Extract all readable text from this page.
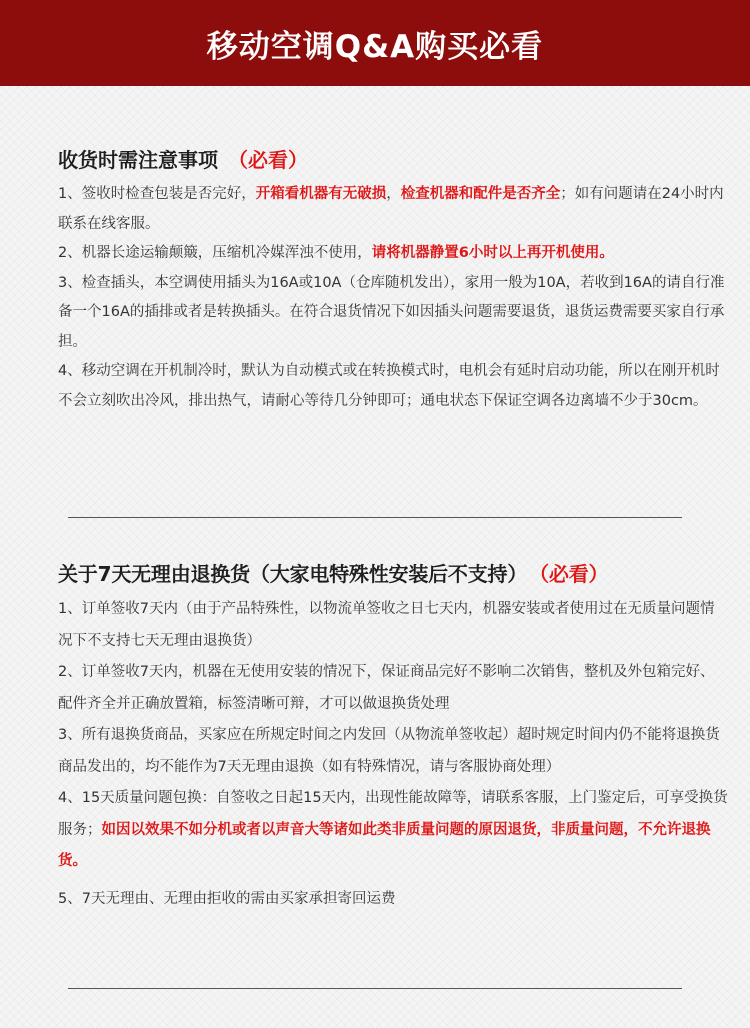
移动空调Q&A购买必看
收货时需注意事项 （必看）
1、签收时检查包装是否完好，开箱看机器有无破损，检查机器和配件是否齐全；如有问题请在24小时内联系在线客服。
2、机器长途运输颠簸，压缩机冷媒浑浊不使用，请将机器静置6小时以上再开机使用。
3、检查插头，本空调使用插头为16A或10A（仓库随机发出），家用一般为10A，若收到16A的请自行准备一个16A的插排或者是转换插头。在符合退货情况下如因插头问题需要退货，退货运费需要买家自行承担。
4、移动空调在开机制冷时，默认为自动模式或在转换模式时，电机会有延时启动功能，所以在刚开机时不会立刻吹出冷风，排出热气，请耐心等待几分钟即可；通电状态下保证空调各边离墙不少于30cm。
关于7天无理由退换货（大家电特殊性安装后不支持） （必看）
1、订单签收7天内（由于产品特殊性，以物流单签收之日七天内，机器安装或者使用过在无质量问题情况下不支持七天无理由退换货）
2、订单签收7天内，机器在无使用安装的情况下，保证商品完好不影响二次销售，整机及外包箱完好、配件齐全并正确放置箱，标签清晰可辩，才可以做退换货处理
3、所有退换货商品，买家应在所规定时间之内发回（从物流单签收起）超时规定时间内仍不能将退换货商品发出的，均不能作为7天无理由退换（如有特殊情况，请与客服协商处理）
4、15天质量问题包换：自签收之日起15天内，出现性能故障等，请联系客服，上门鉴定后，可享受换货服务；如因以效果不如分机或者以声音大等诸如此类非质量问题的原因退货，非质量问题，不允许退换货。
5、7天无理由、无理由拒收的需由买家承担寄回运费
